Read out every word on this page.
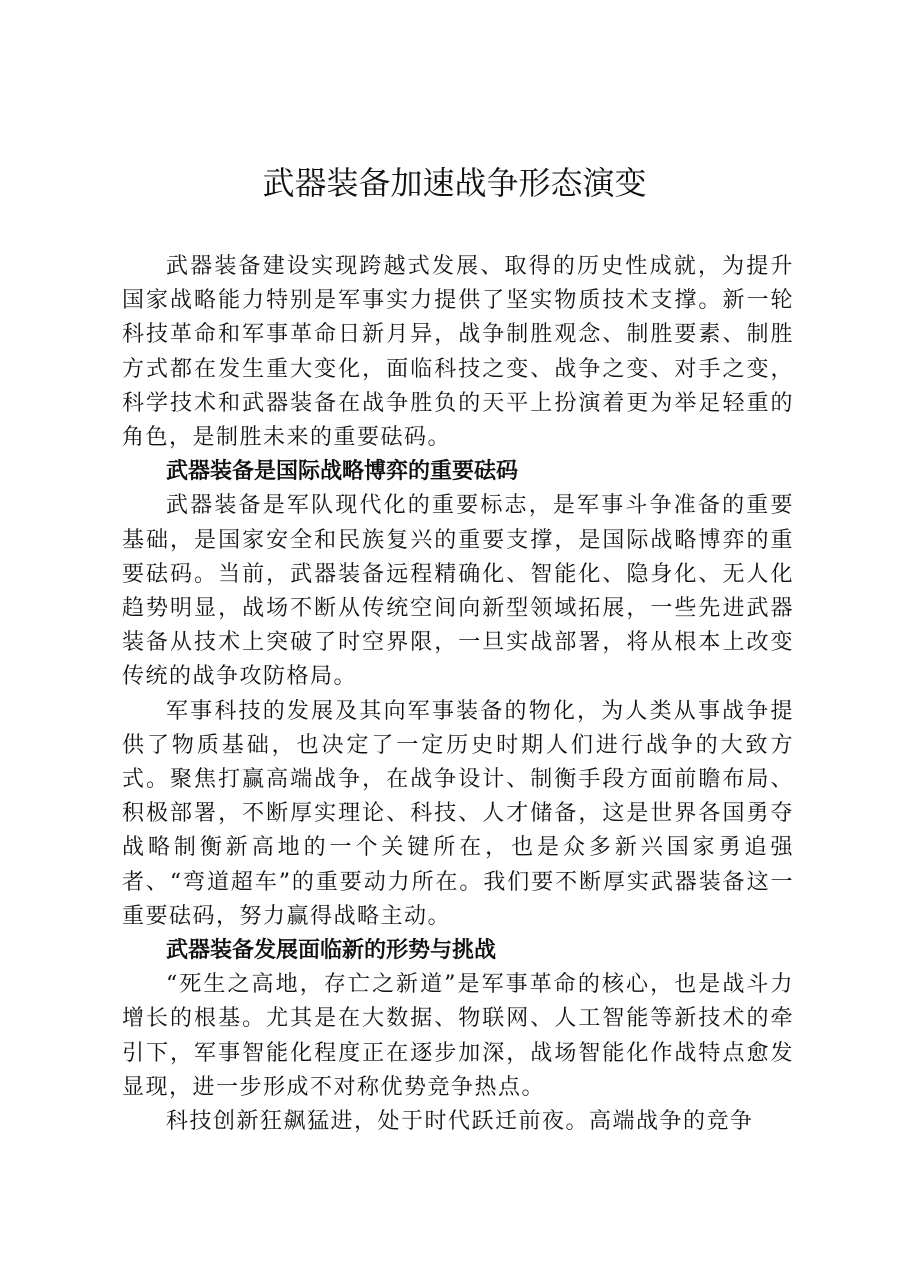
武器装备加速战争形态演变

武器装备建设实现跨越式发展、取得的历史性成就，为提升国家战略能力特别是军事实力提供了坚实物质技术支撑。新一轮科技革命和军事革命日新月异，战争制胜观念、制胜要素、制胜方式都在发生重大变化，面临科技之变、战争之变、对手之变，科学技术和武器装备在战争胜负的天平上扮演着更为举足轻重的角色，是制胜未来的重要砝码。

武器装备是国际战略博弈的重要砝码

武器装备是军队现代化的重要标志，是军事斗争准备的重要基础，是国家安全和民族复兴的重要支撑，是国际战略博弈的重要砝码。当前，武器装备远程精确化、智能化、隐身化、无人化趋势明显，战场不断从传统空间向新型领域拓展，一些先进武器装备从技术上突破了时空界限，一旦实战部署，将从根本上改变传统的战争攻防格局。

军事科技的发展及其向军事装备的物化，为人类从事战争提供了物质基础，也决定了一定历史时期人们进行战争的大致方式。聚焦打赢高端战争，在战争设计、制衡手段方面前瞻布局、积极部署，不断厚实理论、科技、人才储备，这是世界各国勇夺战略制衡新高地的一个关键所在，也是众多新兴国家勇追强者、“弯道超车”的重要动力所在。我们要不断厚实武器装备这一重要砝码，努力赢得战略主动。

武器装备发展面临新的形势与挑战

“死生之高地，存亡之新道”是军事革命的核心，也是战斗力增长的根基。尤其是在大数据、物联网、人工智能等新技术的牵引下，军事智能化程度正在逐步加深，战场智能化作战特点愈发显现，进一步形成不对称优势竞争热点。

科技创新狂飙猛进，处于时代跃迁前夜。高端战争的竞争
